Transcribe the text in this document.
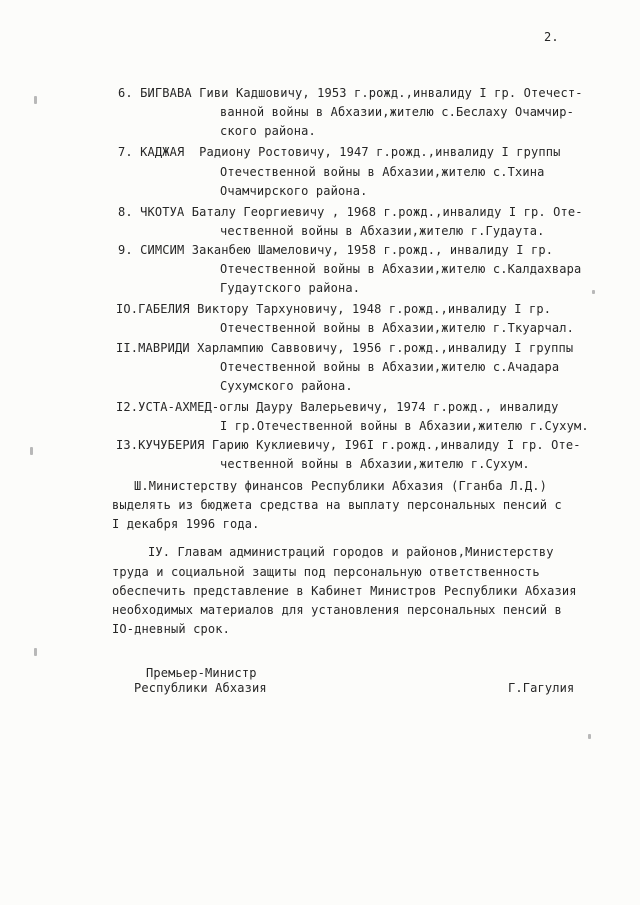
2.
6. БИГВАВА Гиви Кадшовичу, 1953 г.рожд.,инвалиду I гр. Отечест-
ванной войны в Абхазии,жителю с.Беслаху Очамчир-
ского района.
7. КАДЖАЯ  Радиону Ростовичу, 1947 г.рожд.,инвалиду I группы
Отечественной войны в Абхазии,жителю с.Тхина
Очамчирского района.
8. ЧКОТУА Баталу Георгиевичу , 1968 г.рожд.,инвалиду I гр. Оте-
чественной войны в Абхазии,жителю г.Гудаута.
9. СИМСИМ Заканбею Шамеловичу, 1958 г.рожд., инвалиду I гр.
Отечественной войны в Абхазии,жителю с.Калдахвара
Гудаутского района.
IO.ГАБЕЛИЯ Виктору Тархуновичу, 1948 г.рожд.,инвалиду I гр.
Отечественной войны в Абхазии,жителю г.Ткуарчал.
II.МАВРИДИ Харлампию Саввовичу, 1956 г.рожд.,инвалиду I группы
Отечественной войны в Абхазии,жителю с.Ачадара
Сухумского района.
I2.УСТА-АХМЕД-оглы Дауру Валерьевичу, 1974 г.рожд., инвалиду
I гр.Отечественной войны в Абхазии,жителю г.Сухум.
I3.КУЧУБЕРИЯ Гарию Куклиевичу, I96I г.рожд.,инвалиду I гр. Оте-
чественной войны в Абхазии,жителю г.Сухум.
Ш.Министерству финансов Республики Абхазия (Гганба Л.Д.)
выделять из бюджета средства на выплату персональных пенсий с
I декабря 1996 года.
IУ. Главам администраций городов и районов,Министерству
труда и социальной защиты под персональную ответственность
обеспечить представление в Кабинет Министров Республики Абхазия
необходимых материалов для установления персональных пенсий в
IO-дневный срок.
Премьер-Министр
Республики Абхазия	Г.Гагулия
